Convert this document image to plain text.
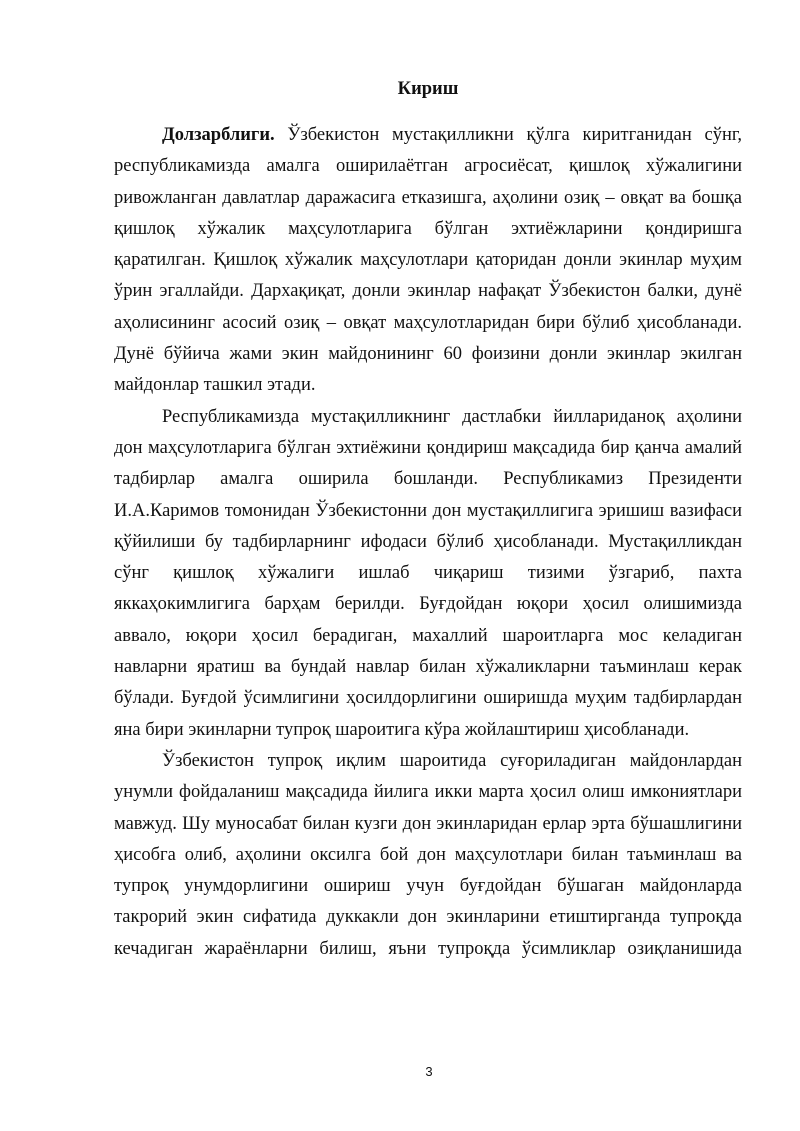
Кириш

Долзарблиги. Ўзбекистон мустақилликни қўлга киритганидан сўнг, республикамизда амалга оширилаётган агросиёсат, қишлоқ хўжалигини ривожланган давлатлар даражасига етказишга, аҳолини озиқ – овқат ва бошқа қишлоқ хўжалик маҳсулотларига бўлган эхтиёжларини қондиришга қаратилган. Қишлоқ хўжалик маҳсулотлари қаторидан донли экинлар муҳим ўрин эгаллайди. Дархақиқат, донли экинлар нафақат Ўзбекистон балки, дунё аҳолисининг асосий озиқ – овқат маҳсулотларидан бири бўлиб ҳисобланади. Дунё бўйича жами экин майдонининг 60 фоизини донли экинлар экилган майдонлар ташкил этади.

Республикамизда мустақилликнинг дастлабки йиллариданоқ аҳолини дон маҳсулотларига бўлган эхтиёжини қондириш мақсадида бир қанча амалий тадбирлар амалга оширила бошланди. Республикамиз Президенти И.А.Каримов томонидан Ўзбекистонни дон мустақиллигига эришиш вазифаси қўйилиши бу тадбирларнинг ифодаси бўлиб ҳисобланади. Мустақилликдан сўнг қишлоқ хўжалиги ишлаб чиқариш тизими ўзгариб, пахта яккаҳокимлигига барҳам берилди. Буғдойдан юқори ҳосил олишимизда аввало, юқори ҳосил берадиган, махаллий шароитларга мос келадиган навларни яратиш ва бундай навлар билан хўжаликларни таъминлаш керак бўлади. Буғдой ўсимлигини ҳосилдорлигини оширишда муҳим тадбирлардан яна бири экинларни тупроқ шароитига кўра жойлаштириш ҳисобланади.

Ўзбекистон тупроқ иқлим шароитида суғориладиган майдонлардан унумли фойдаланиш мақсадида йилига икки марта ҳосил олиш имкониятлари мавжуд. Шу муносабат билан кузги дон экинларидан ерлар эрта бўшашлигини ҳисобга олиб, аҳолини оксилга бой дон маҳсулотлари билан таъминлаш ва тупроқ унумдорлигини ошириш учун буғдойдан бўшаган майдонларда такрорий экин сифатида дуккакли дон экинларини етиштирганда тупроқда кечадиган жараёнларни билиш, яъни тупроқда ўсимликлар озиқланишида

3
